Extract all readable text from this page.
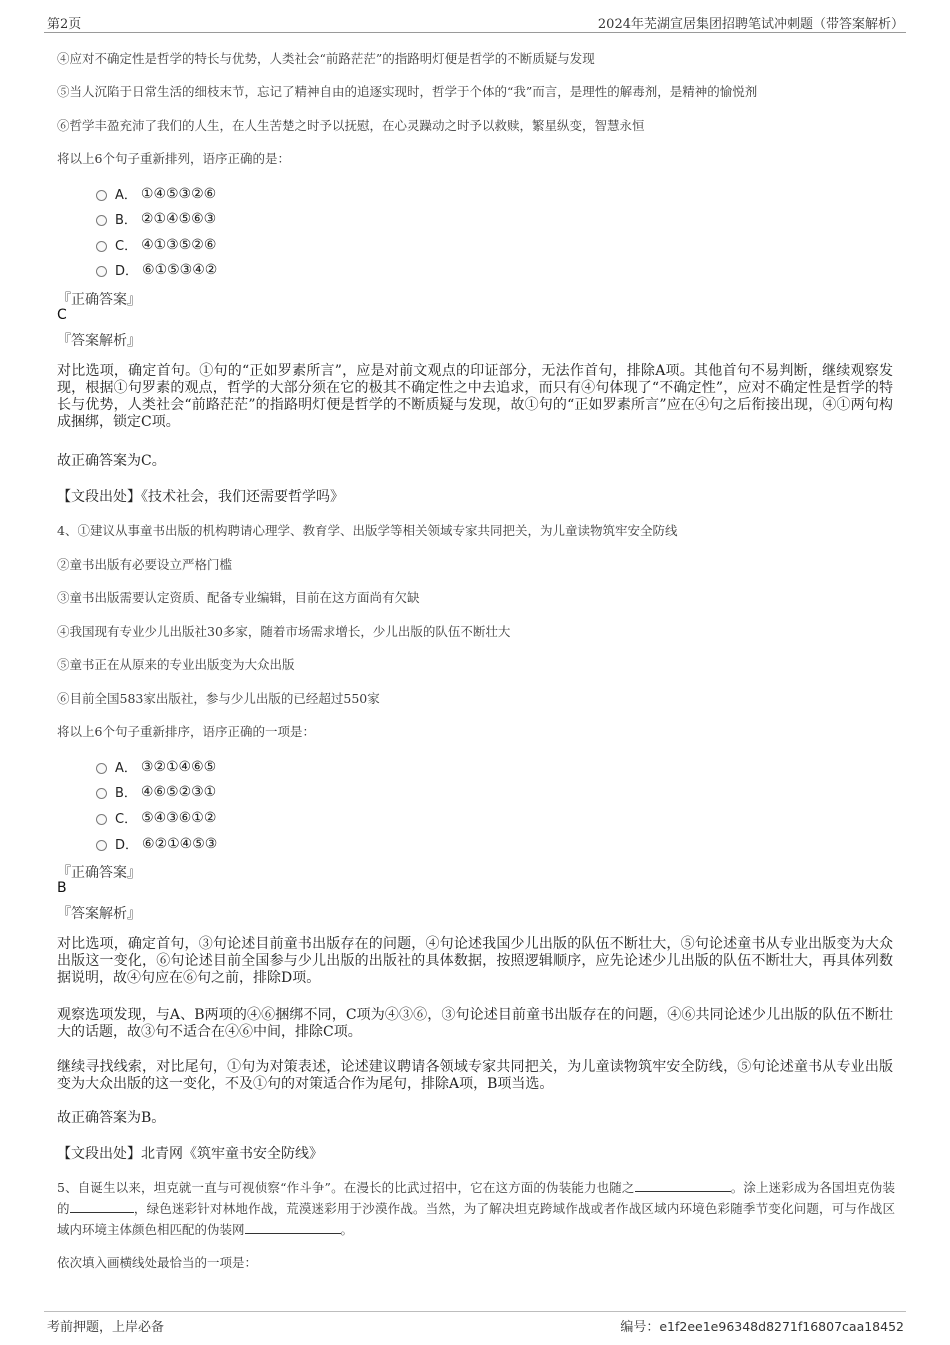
第2页	2024年芜湖宣居集团招聘笔试冲刺题（带答案解析）
④应对不确定性是哲学的特长与优势，人类社会“前路茫茫”的指路明灯便是哲学的不断质疑与发现
⑤当人沉陷于日常生活的细枝末节，忘记了精神自由的追逐实现时，哲学于个体的“我”而言，是理性的解毒剂，是精神的愉悦剂
⑥哲学丰盈充沛了我们的人生，在人生苦楚之时予以抚慰，在心灵躁动之时予以救赎，繁星纵变，智慧永恒
将以上6个句子重新排列，语序正确的是：
A． ①④⑤③②⑥
B． ②①④⑤⑥③
C． ④①③⑤②⑥
D． ⑥①⑤③④②
『正确答案』
C
『答案解析』
对比选项，确定首句。①句的“正如罗素所言”，应是对前文观点的印证部分，无法作首句，排除A项。其他首句不易判断，继续观察发现，根据①句罗素的观点，哲学的大部分须在它的极其不确定性之中去追求，而只有④句体现了“不确定性”，应对不确定性是哲学的特长与优势，人类社会“前路茫茫”的指路明灯便是哲学的不断质疑与发现，故①句的“正如罗素所言”应在④句之后衔接出现，④①两句构成捆绑，锁定C项。
故正确答案为C。
【文段出处】《技术社会，我们还需要哲学吗》
4、①建议从事童书出版的机构聘请心理学、教育学、出版学等相关领域专家共同把关，为儿童读物筑牢安全防线
②童书出版有必要设立严格门槛
③童书出版需要认定资质、配备专业编辑，目前在这方面尚有欠缺
④我国现有专业少儿出版社30多家，随着市场需求增长，少儿出版的队伍不断壮大
⑤童书正在从原来的专业出版变为大众出版
⑥目前全国583家出版社，参与少儿出版的已经超过550家
将以上6个句子重新排序，语序正确的一项是：
A． ③②①④⑥⑤
B． ④⑥⑤②③①
C． ⑤④③⑥①②
D． ⑥②①④⑤③
『正确答案』
B
『答案解析』
对比选项，确定首句，③句论述目前童书出版存在的问题，④句论述我国少儿出版的队伍不断壮大，⑤句论述童书从专业出版变为大众出版这一变化，⑥句论述目前全国参与少儿出版的出版社的具体数据，按照逻辑顺序，应先论述少儿出版的队伍不断壮大，再具体列数据说明，故④句应在⑥句之前，排除D项。
观察选项发现，与A、B两项的④⑥捆绑不同，C项为④③⑥，③句论述目前童书出版存在的问题，④⑥共同论述少儿出版的队伍不断壮大的话题，故③句不适合在④⑥中间，排除C项。
继续寻找线索，对比尾句，①句为对策表述，论述建议聘请各领域专家共同把关，为儿童读物筑牢安全防线，⑤句论述童书从专业出版变为大众出版的这一变化，不及①句的对策适合作为尾句，排除A项，B项当选。
故正确答案为B。
【文段出处】北青网《筑牢童书安全防线》
5、自诞生以来，坦克就一直与可视侦察“作斗争”。在漫长的比武过招中，它在这方面的伪装能力也随之	。涂上迷彩成为各国坦克伪装的	，绿色迷彩针对林地作战，荒漠迷彩用于沙漠作战。当然，为了解决坦克跨域作战或者作战区域内环境色彩随季节变化问题，可与作战区域内环境主体颜色相匹配的伪装网	。
依次填入画横线处最恰当的一项是：
考前押题，上岸必备	编号：e1f2ee1e96348d8271f16807caa18452
